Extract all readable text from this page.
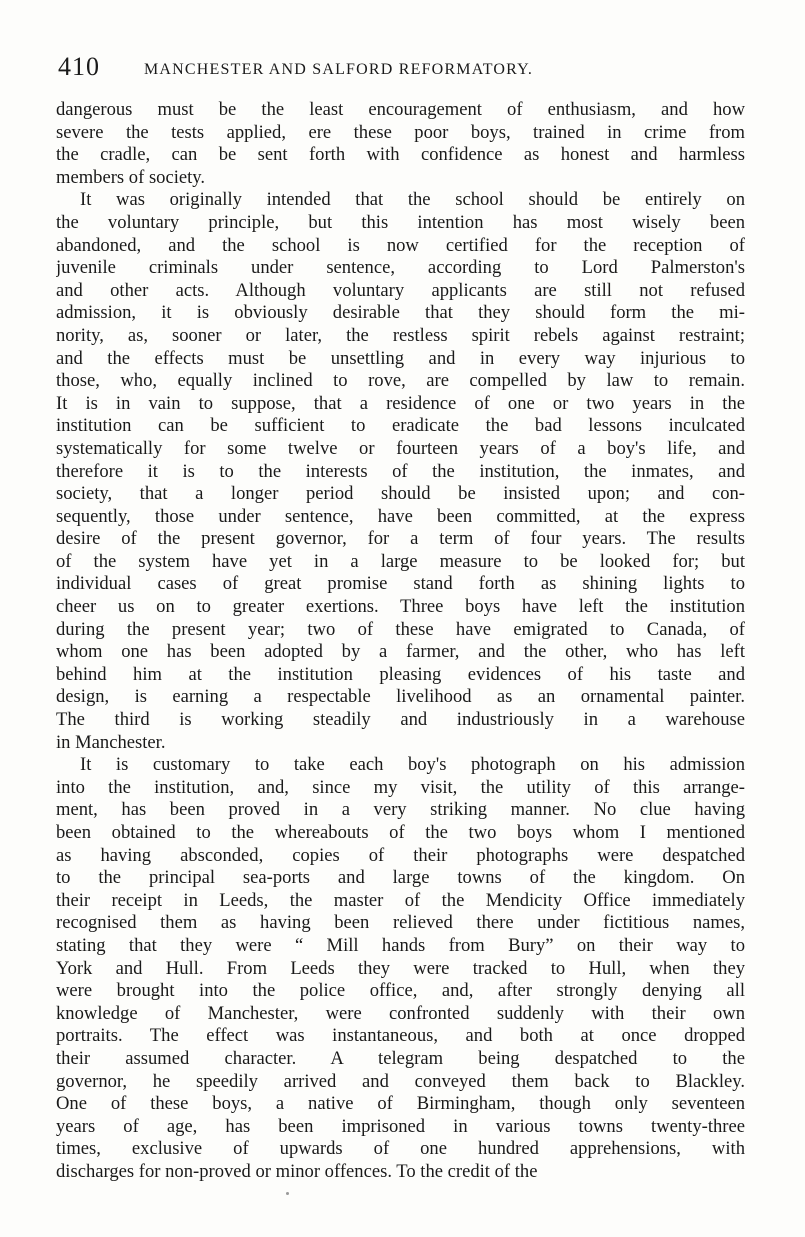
410	MANCHESTER AND SALFORD REFORMATORY.
dangerous must be the least encouragement of enthusiasm, and how
severe the tests applied, ere these poor boys, trained in crime from
the cradle, can be sent forth with confidence as honest and harmless
members of society.
It was originally intended that the school should be entirely on
the voluntary principle, but this intention has most wisely been
abandoned, and the school is now certified for the reception of
juvenile criminals under sentence, according to Lord Palmerston's
and other acts. Although voluntary applicants are still not refused
admission, it is obviously desirable that they should form the mi-
nority, as, sooner or later, the restless spirit rebels against restraint;
and the effects must be unsettling and in every way injurious to
those, who, equally inclined to rove, are compelled by law to remain.
It is in vain to suppose, that a residence of one or two years in the
institution can be sufficient to eradicate the bad lessons inculcated
systematically for some twelve or fourteen years of a boy's life, and
therefore it is to the interests of the institution, the inmates, and
society, that a longer period should be insisted upon; and con-
sequently, those under sentence, have been committed, at the express
desire of the present governor, for a term of four years. The results
of the system have yet in a large measure to be looked for; but
individual cases of great promise stand forth as shining lights to
cheer us on to greater exertions. Three boys have left the institution
during the present year; two of these have emigrated to Canada, of
whom one has been adopted by a farmer, and the other, who has left
behind him at the institution pleasing evidences of his taste and
design, is earning a respectable livelihood as an ornamental painter.
The third is working steadily and industriously in a warehouse
in Manchester.
It is customary to take each boy's photograph on his admission
into the institution, and, since my visit, the utility of this arrange-
ment, has been proved in a very striking manner. No clue having
been obtained to the whereabouts of the two boys whom I mentioned
as having absconded, copies of their photographs were despatched
to the principal sea-ports and large towns of the kingdom. On
their receipt in Leeds, the master of the Mendicity Office immediately
recognised them as having been relieved there under fictitious names,
stating that they were “ Mill hands from Bury” on their way to
York and Hull. From Leeds they were tracked to Hull, when they
were brought into the police office, and, after strongly denying all
knowledge of Manchester, were confronted suddenly with their own
portraits. The effect was instantaneous, and both at once dropped
their assumed character. A telegram being despatched to the
governor, he speedily arrived and conveyed them back to Blackley.
One of these boys, a native of Birmingham, though only seventeen
years of age, has been imprisoned in various towns twenty-three
times, exclusive of upwards of one hundred apprehensions, with
discharges for non-proved or minor offences. To the credit of the
